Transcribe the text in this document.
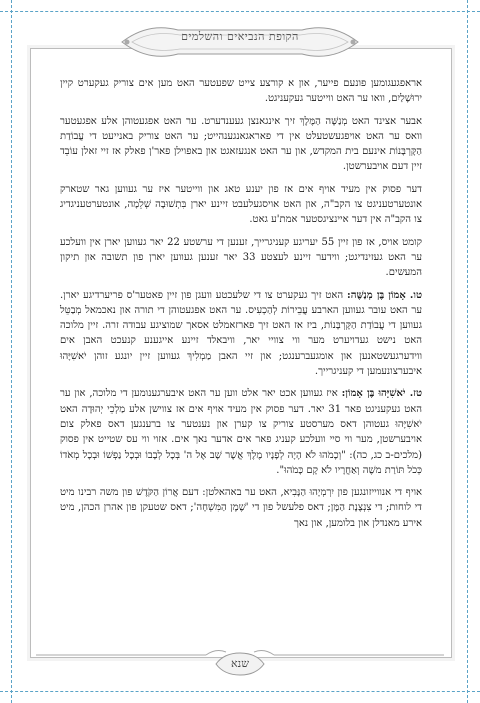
הקופת הנביאים והשלמים

אראפגעגומען פונעם פייער, און א קורצע צייט שפעטער האט מען אים צוריק געקערט קיין ירוּשָׁלַיִם, וואו ער האט ווייטער געקעניגט.

אבער אצינד האט מְנַשֶּׁה הַמֶּלֶךְ זיך אינגאנצן געענדערט. ער האט אפגעטוהן אלע אפגעטער וואס ער האט אויפגעשטעלט אין די פאראגאנגענהייט; ער האט צוריק באנייעט די עֲבוֹדַת הַקָּרְבָּנוֹת אינעם בית המקדש, און ער האט אנגעזאגט און באפוילן פאר'ן פאלק אז זיי זאלן עוֹבֵד זיין דעם אויבערשטן.

דער פסוק אין מעיד אויף אים אז פון יענע טאג און ווייטער איז ער געווען גאר שטארק אונטערטעניגט צו הקב"ה, און האט אויסגעלעבט זיינע יארן בִּתְשׁוּבָה שְׁלֵמָה, אונטערטעניגדיג צו הקב"ה אין דער איינציגסטער אמת'ע גאט.

קומט אויס, אז פון זיין 55 יעריגע קעניגרייך, זענען די ערשטע 22 יאר געווען יארן אין וועלכע ער האט געזינדיגט; ווידער זיינע לעצטע 33 יאר זענען געווען יארן פון תשובה און תיקון המעשים.

טו. אָמוֹן בֶּן מְנַשֶּׁה: האט זיך געקערט צו די שלעכטע וועגן פון זיין פאטער'ס פריערדיגע יארן. ער האט עובר געווען הארבע עֲבֵירוֹת לְהַכְעִיס. ער האט אפגעטוהן די תורה און נאכמאל מְבַטֵּל געווען די עֲבוֹדַת הַקָּרְבָּנוֹת, ביז אז האט זיך פארזאמלט אסאך שמוציגע עבודה זרה. זיין מלוכה האט נישט געדויערט מער ווי צוויי יאר, וויבאלד זיינע אייגענע קנעכט האבן אים ווידערגעשטאנען און אומגעברענגט; און זיי האבן מַמְלִיךְ געווען זיין יונגע זוהן יֹאשִׁיָּהוּ איבערצונעמען די קעניגרייך.

טז. יֹאשִׁיָּהוּ בֶּן אָמוֹן: איז געווען אכט יאר אלט ווען ער האט איבערגענומען די מלוכה, און ער האט געקעניגט פאר 31 יאר. דער פסוק אין מעיד אויף אים אז צווישן אלע מַלְכֵי יְהוּדָה האט יֹאשִׁיָּהוּ געטוהן דאס מערסטע צוריק צו קערן און נענטער צו ברענגען דאס פאלק צום אויבערשטן, מער ווי סיי וועלכע קעניג פאר אים אדער נאך אים. אזוי ווי עס שטייט אין פסוק (מלכים-ב כג, כה): "וְכָמֹהוּ לֹא הָיָה לְפָנָיו מֶלֶךְ אֲשֶׁר שָׁב אֶל ה' בְּכָל לְבָבוֹ וּבְכָל נַפְשׁוֹ וּבְכָל מְאֹדוֹ כְּכֹל תּוֹרַת משֶׁה וְאַחֲרָיו לֹא קָם כָּמֹהוּ".

אויף די אנווייזונגען פון יִרְמְיָהוּ הַנָּבִיא, האט ער באהאלטן: דעם אֲרוֹן הַקֹּדֶשׁ פון משה רבינו מיט די לוחות; די צִנְצֶנֶת הַמָּן; דאס פלעשל פון די 'שֶׁמֶן הַמִּשְׁחָה'; דאס שטעקן פון אהרן הכהן, מיט אירע מאנדלן און בלומען, און נאך

שנא
